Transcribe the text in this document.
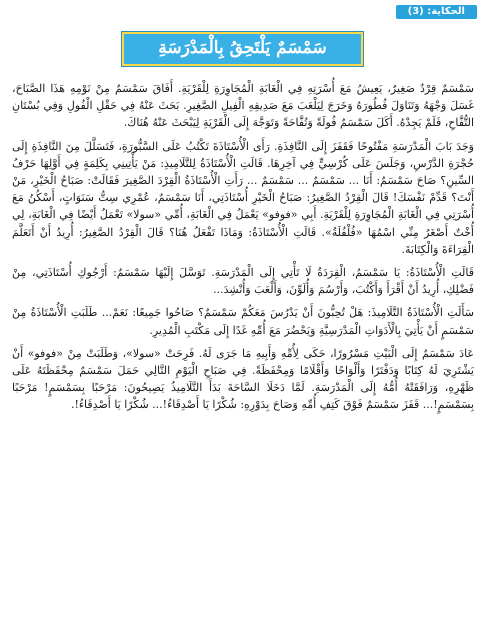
الحكاية: (3)
سَمْسَمٌ يَلْتَحِقُ بِالْمَدْرَسَةِ

سَمْسَمٌ قِرْدٌ صَغِيرٌ، يَعِيشُ مَعَ أُسْرَتِهِ فِي الْغَابَةِ الْمُجَاوِرَةِ لِلْقَرْيَةِ. أَفَاقَ سَمْسَمٌ مِنْ نَوْمِهِ هَذَا الصَّبَاحَ، غَسَلَ وَجْهَهُ وَتَنَاوَلَ فُطُورَهُ وَخَرَجَ لِيَلْعَبَ مَعَ صَدِيقِهِ الْفِيلِ الصَّغِيرِ. بَحَثَ عَنْهُ فِي حَقْلِ الْفُولِ وَفِي بُسْتَانِ التُّفَّاحِ، فَلَمْ يَجِدْهُ. أَكَلَ سَمْسَمٌ فُولَةً وَتُفَّاحَةً وَتَوَجَّهَ إِلَى الْقَرْيَةِ لِيَبْحَثَ عَنْهُ هُنَاكَ.

وَجَدَ بَابَ الْمَدْرَسَةِ مَفْتُوحًا فَقَفَزَ إِلَى النَّافِذَةِ. رَأَى الْأُسْتَاذَةَ تَكْتُبُ عَلَى السَّبُّورَةِ، فَتَسَلَّلَ مِنَ النَّافِذَةِ إِلَى حُجْرَةِ الدَّرْسِ، وَجَلَسَ عَلَى كُرْسِيٍّ فِي آخِرِهَا. قَالَتِ الْأُسْتَاذَةُ لِلتَّلَامِيذِ: مَنْ يَأْتِينِي بِكَلِمَةٍ فِي أَوَّلِهَا حَرْفُ السِّينِ؟ صَاحَ سَمْسَمٌ: أَنَا ... سَمْسَمٌ ... سَمْسَمٌ ... رَأَتِ الْأُسْتَاذَةُ الْقِرْدَ الصَّغِيرَ فَقَالَتْ: صَبَاحُ الْخَيْرِ، مَنْ أَنْتَ؟ قَدِّمْ نَفْسَكَ! قَالَ الْقِرْدُ الصَّغِيرُ: صَبَاحُ الْخَيْرِ أُسْتَاذَتِي، أَنَا سَمْسَمٌ، عُمْرِي سِتُّ سَنَوَاتٍ، أَسْكُنُ مَعَ أُسْرَتِي فِي الْغَابَةِ الْمُجَاوِرَةِ لِلْقَرْيَةِ. أَبِي «فوفو» يَعْمَلُ فِي الْغَابَةِ، أُمِّي «سولا» تَعْمَلُ أَيْضًا فِي الْغَابَةِ، لِي أُخْتٌ أَصْغَرُ مِنِّي اسْمُهَا «فُلْفُلَةُ». قَالَتِ الْأُسْتَاذَةُ: وَمَاذَا تَفْعَلُ هُنَا؟ قَالَ الْقِرْدُ الصَّغِيرُ: أُرِيدُ أَنْ أَتَعَلَّمَ الْقِرَاءَةَ وَالْكِتَابَةَ.

قَالَتِ الْأُسْتَاذَةُ: يَا سَمْسَمُ، الْقِرَدَةُ لَا تَأْتِي إِلَى الْمَدْرَسَةِ. تَوَسَّلَ إِلَيْهَا سَمْسَمٌ: أَرْجُوكِ أُسْتَاذَتِي، مِنْ فَضْلِكِ، أُرِيدُ أَنْ أَقْرَأَ وَأَكْتُبَ، وَأَرْسُمَ وَأُلَوِّنَ، وَأَلْعَبَ وَأُنْشِدَ...

سَأَلَتِ الْأُسْتَاذَةُ التَّلَامِيذَ: هَلْ تُحِبُّونَ أَنْ يَدْرُسَ مَعَكُمْ سَمْسَمٌ؟ صَاحُوا جَمِيعًا: نَعَمْ... طَلَبَتِ الْأُسْتَاذَةُ مِنْ سَمْسَمٍ أَنْ يَأْتِيَ بِالْأَدَوَاتِ الْمَدْرَسِيَّةِ وَيَحْضُرَ مَعَ أُمِّهِ غَدًا إِلَى مَكْتَبِ الْمُدِيرِ.

عَادَ سَمْسَمٌ إِلَى الْبَيْتِ مَسْرُورًا، حَكَى لِأُمِّهِ وَأَبِيهِ مَا جَرَى لَهُ. فَرِحَتْ «سولا»، وَطَلَبَتْ مِنْ «فوفو» أَنْ يَشْتَرِيَ لَهُ كِتَابًا وَدَفْتَرًا وَأَلْوَاحًا وَأَقْلَامًا وَمِحْفَظَةً. فِي صَبَاحِ الْيَوْمِ التَّالِي حَمَلَ سَمْسَمٌ مِحْفَظَتَهُ عَلَى ظَهْرِهِ، وَرَافَقَتْهُ أُمُّهُ إِلَى الْمَدْرَسَةِ. لَمَّا دَخَلَا السَّاحَةَ بَدَأَ التَّلَامِيذُ يَصِيحُونَ: مَرْحَبًا بِسَمْسَمٍ! مَرْحَبًا بِسَمْسَمٍ!... قَفَزَ سَمْسَمٌ فَوْقَ كَتِفِ أُمِّهِ وَصَاحَ بِدَوْرِهِ: شُكْرًا يَا أَصْدِقَاءُ!... شُكْرًا يَا أَصْدِقَاءُ!.
